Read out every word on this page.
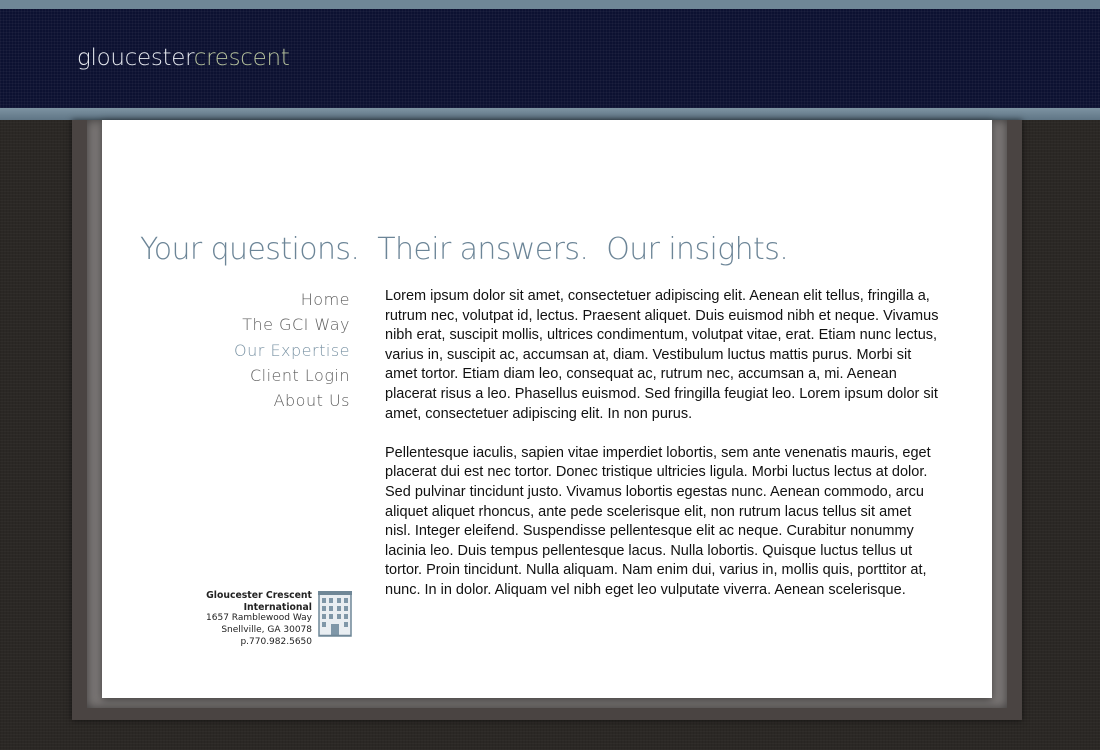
gloucestercrescent
Your questions.  Their answers.  Our insights.
Home
The GCI Way
Our Expertise
Client Login
About Us

Lorem ipsum dolor sit amet, consectetuer adipiscing elit. Aenean elit tellus, fringilla a, rutrum nec, volutpat id, lectus. Praesent aliquet. Duis euismod nibh et neque. Vivamus nibh erat, suscipit mollis, ultrices condimentum, volutpat vitae, erat. Etiam nunc lectus, varius in, suscipit ac, accumsan at, diam. Vestibulum luctus mattis purus. Morbi sit amet tortor. Etiam diam leo, consequat ac, rutrum nec, accumsan a, mi. Aenean placerat risus a leo. Phasellus euismod. Sed fringilla feugiat leo. Lorem ipsum dolor sit amet, consectetuer adipiscing elit. In non purus.

Pellentesque iaculis, sapien vitae imperdiet lobortis, sem ante venenatis mauris, eget placerat dui est nec tortor. Donec tristique ultricies ligula. Morbi luctus lectus at dolor. Sed pulvinar tincidunt justo. Vivamus lobortis egestas nunc. Aenean commodo, arcu aliquet aliquet rhoncus, ante pede scelerisque elit, non rutrum lacus tellus sit amet nisl. Integer eleifend. Suspendisse pellentesque elit ac neque. Curabitur nonummy lacinia leo. Duis tempus pellentesque lacus. Nulla lobortis. Quisque luctus tellus ut tortor. Proin tincidunt. Nulla aliquam. Nam enim dui, varius in, mollis quis, porttitor at, nunc. In in dolor. Aliquam vel nibh eget leo vulputate viverra. Aenean scelerisque.

Gloucester Crescent International
1657 Ramblewood Way
Snellville, GA 30078
p.770.982.5650
